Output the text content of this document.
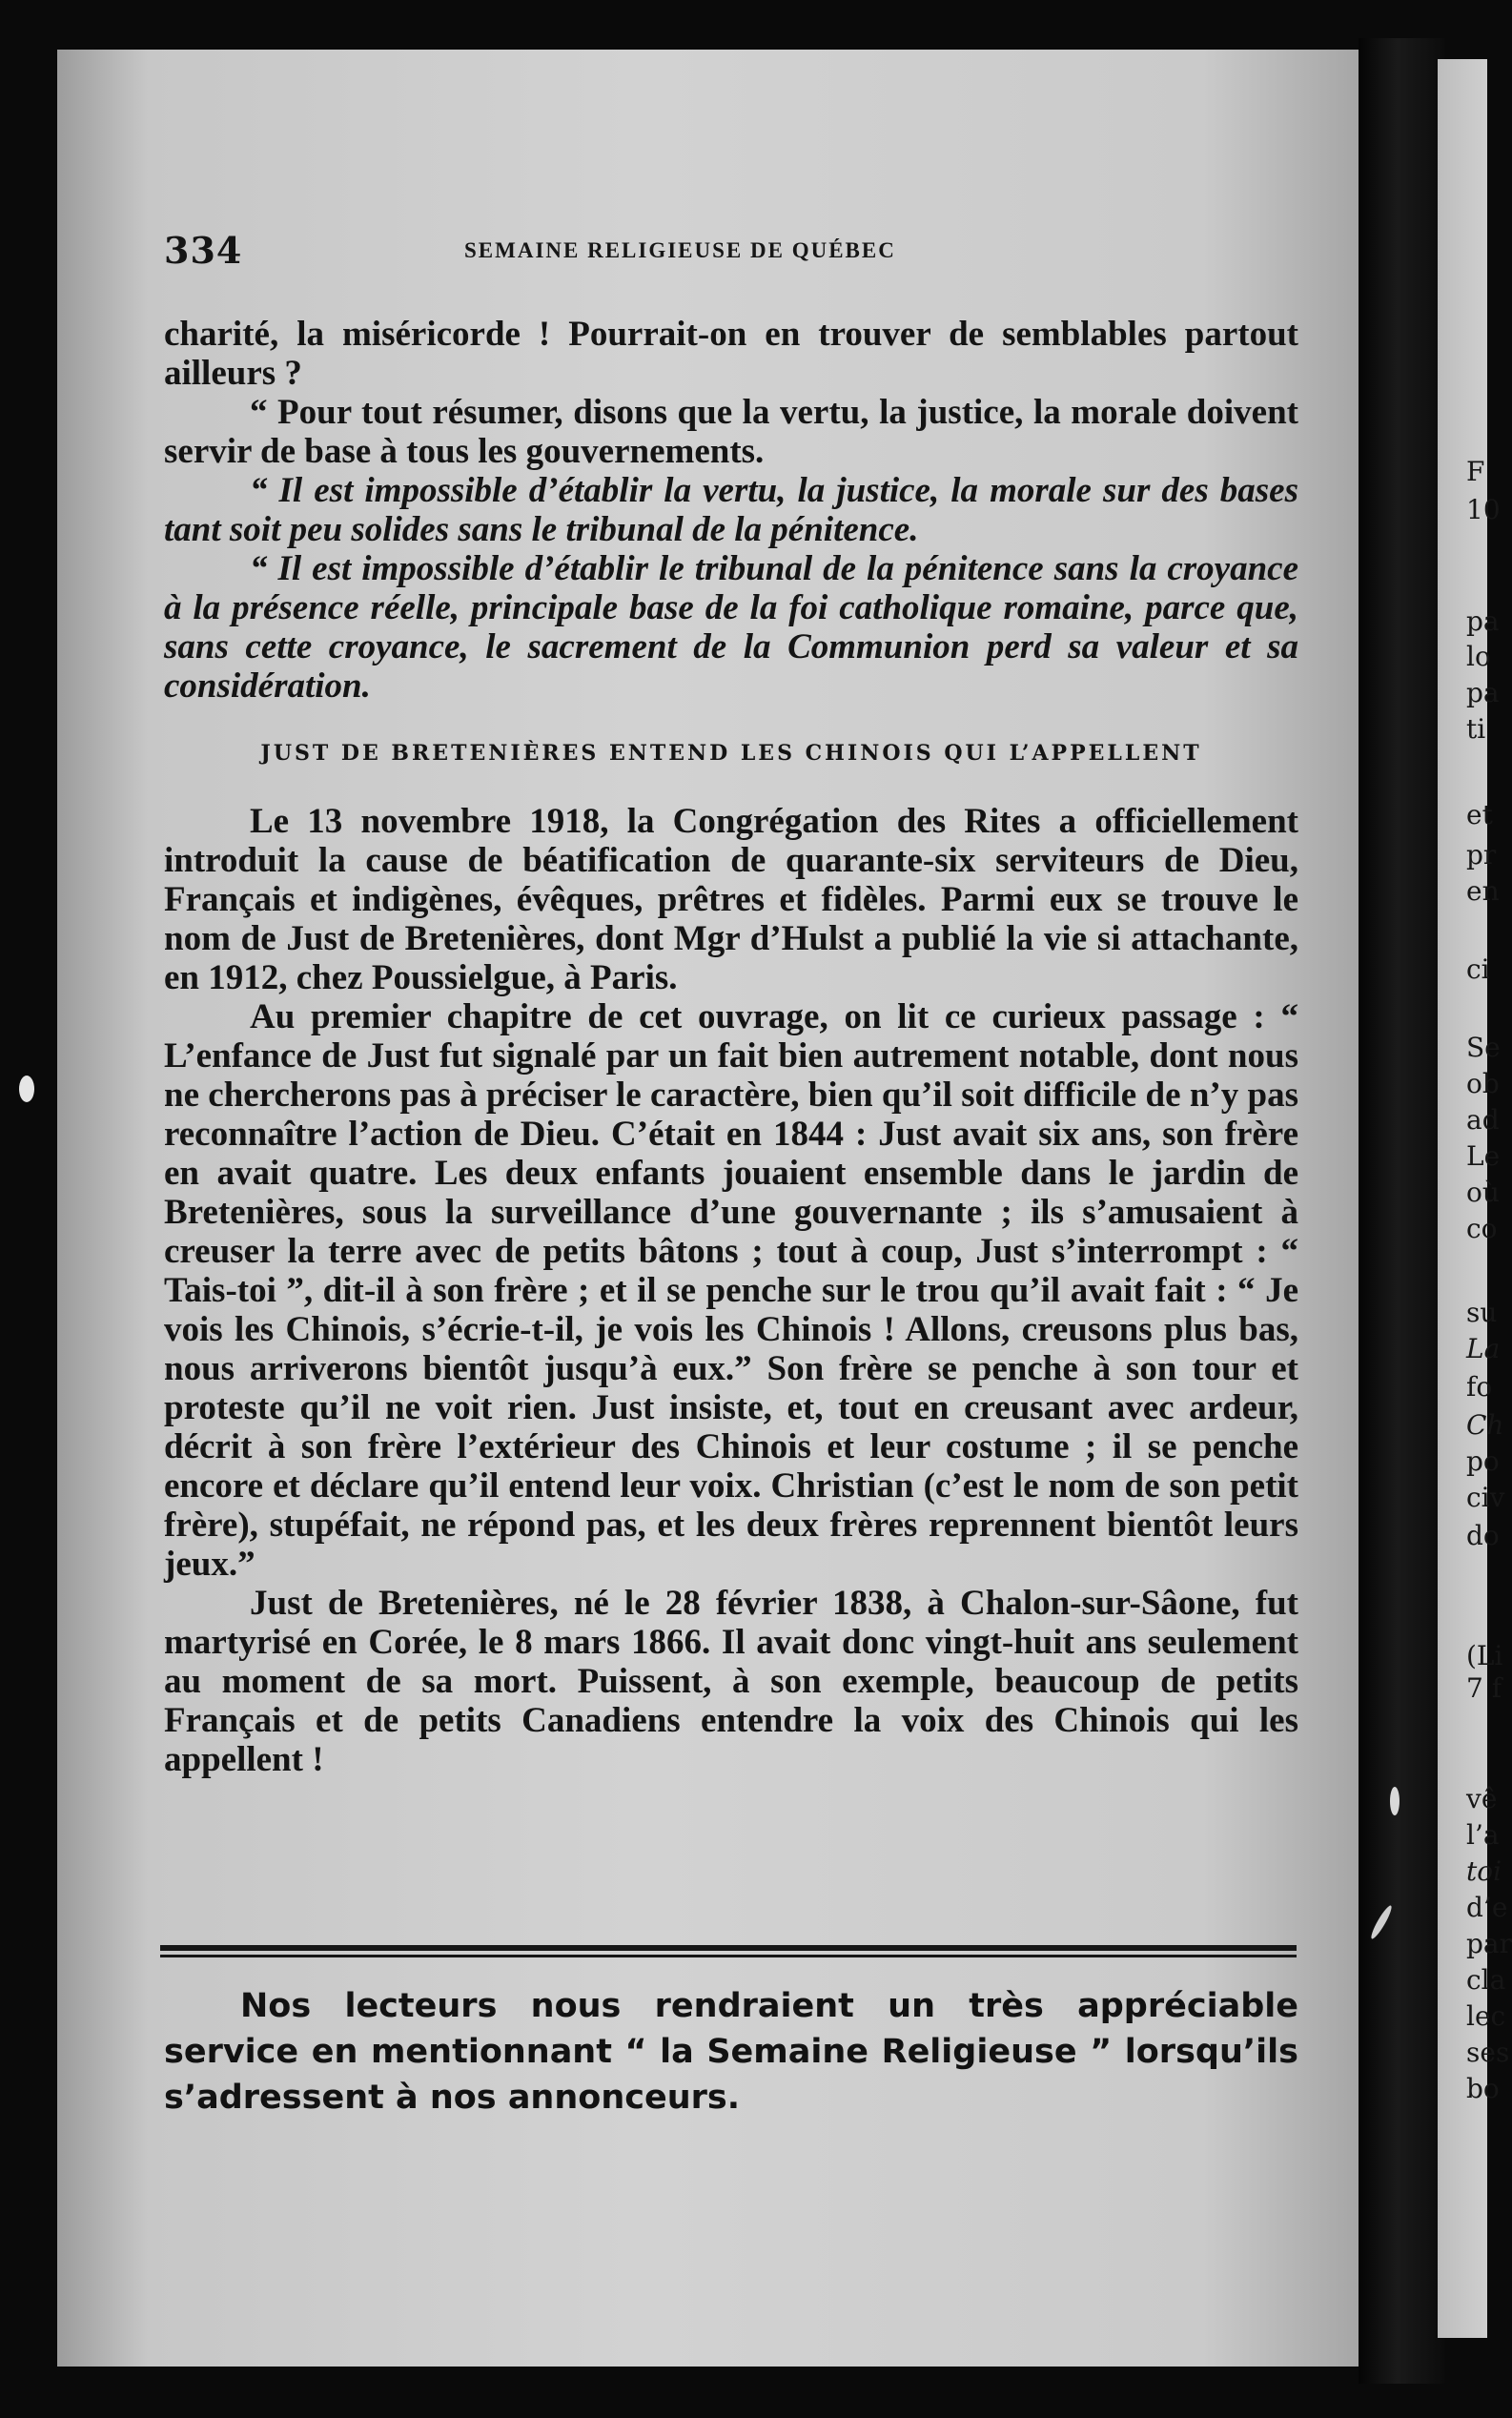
F

10

pa

lo

pa

ti

et

pr

en

ci

Se

ob

ad

Le

où

co

su

La

fo

Ch

po

civ

do

(Li

7 f

vê

l’a

toi

d’e

par

cla

lec

ses

bo

334	SEMAINE RELIGIEUSE DE QUÉBEC

charité, la miséricorde ! Pourrait-on en trouver de semblables partout ailleurs ?

“ Pour tout résumer, disons que la vertu, la justice, la morale doivent servir de base à tous les gouvernements.

“ Il est impossible d’établir la vertu, la justice, la morale sur des bases tant soit peu solides sans le tribunal de la pénitence.

“ Il est impossible d’établir le tribunal de la pénitence sans la croyance à la présence réelle, principale base de la foi catholique romaine, parce que, sans cette croyance, le sacrement de la Communion perd sa valeur et sa considération.

JUST DE BRETENIÈRES ENTEND LES CHINOIS QUI L’APPELLENT

Le 13 novembre 1918, la Congrégation des Rites a officiellement introduit la cause de béatification de quarante-six serviteurs de Dieu, Français et indigènes, évêques, prêtres et fidèles. Parmi eux se trouve le nom de Just de Bretenières, dont Mgr d’Hulst a publié la vie si attachante, en 1912, chez Poussielgue, à Paris.

Au premier chapitre de cet ouvrage, on lit ce curieux passage : “ L’enfance de Just fut signalé par un fait bien autrement notable, dont nous ne chercherons pas à préciser le caractère, bien qu’il soit difficile de n’y pas reconnaître l’action de Dieu. C’était en 1844 : Just avait six ans, son frère en avait quatre. Les deux enfants jouaient ensemble dans le jardin de Bretenières, sous la surveillance d’une gouvernante ; ils s’amusaient à creuser la terre avec de petits bâtons ; tout à coup, Just s’interrompt : “ Tais-toi ”, dit-il à son frère ; et il se penche sur le trou qu’il avait fait : “ Je vois les Chinois, s’écrie-t-il, je vois les Chinois ! Allons, creusons plus bas, nous arriverons bientôt jusqu’à eux.” Son frère se penche à son tour et proteste qu’il ne voit rien. Just insiste, et, tout en creusant avec ardeur, décrit à son frère l’extérieur des Chinois et leur costume ; il se penche encore et déclare qu’il entend leur voix. Christian (c’est le nom de son petit frère), stupéfait, ne répond pas, et les deux frères reprennent bientôt leurs jeux.”

Just de Bretenières, né le 28 février 1838, à Chalon-sur-Sâone, fut martyrisé en Corée, le 8 mars 1866. Il avait donc vingt-huit ans seulement au moment de sa mort. Puissent, à son exemple, beaucoup de petits Français et de petits Canadiens entendre la voix des Chinois qui les appellent !

Nos lecteurs nous rendraient un très appréciable service en mentionnant “ la Semaine Religieuse ” lorsqu’ils s’adressent à nos annonceurs.
